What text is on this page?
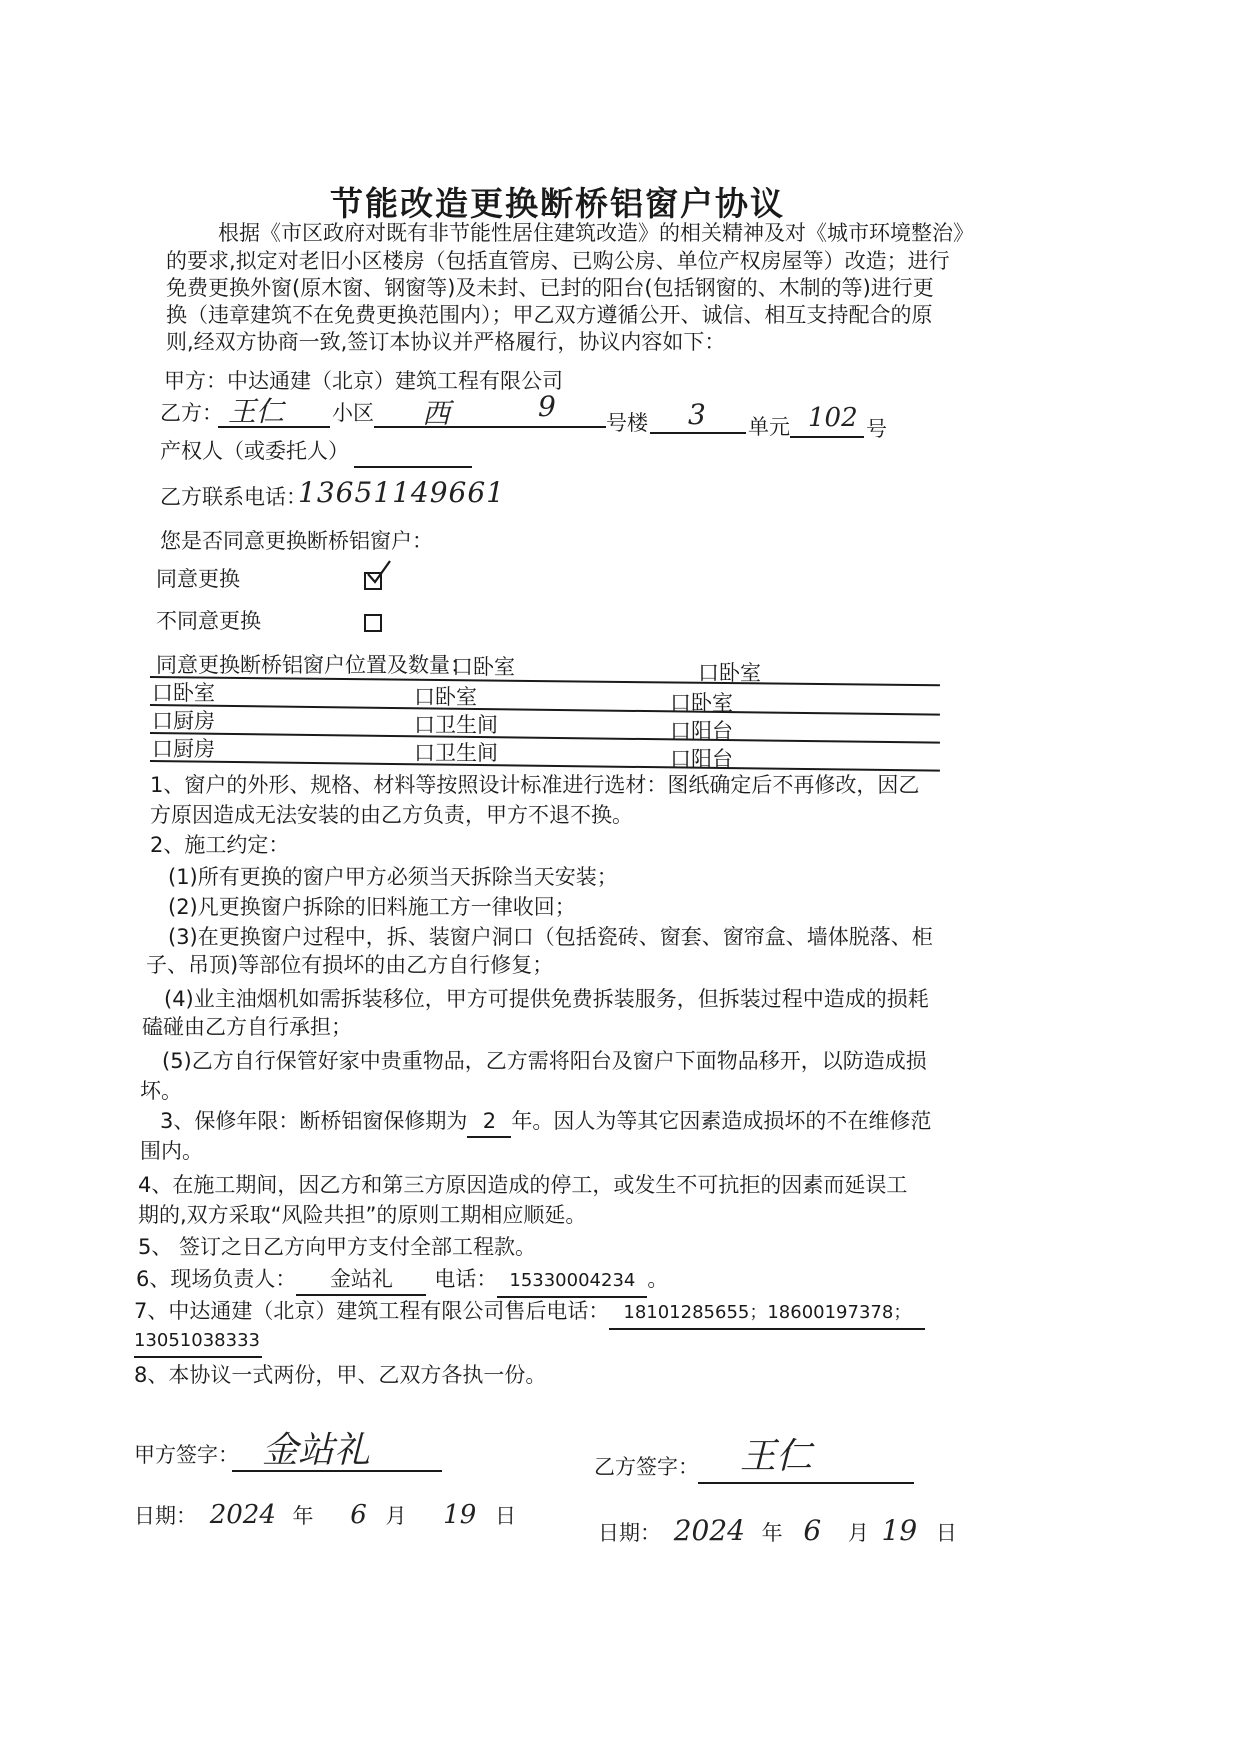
节能改造更换断桥铝窗户协议
根据《市区政府对既有非节能性居住建筑改造》的相关精神及对《城市环境整治》
的要求,拟定对老旧小区楼房（包括直管房、已购公房、单位产权房屋等）改造；进行
免费更换外窗(原木窗、钢窗等)及未封、已封的阳台(包括钢窗的、木制的等)进行更
换（违章建筑不在免费更换范围内）；甲乙双方遵循公开、诚信、相互支持配合的原
则,经双方协商一致,签订本协议并严格履行，协议内容如下：
甲方：中达通建（北京）建筑工程有限公司
乙方： 王仁 小区 西	9 号楼 3 单元 102 号
产权人（或委托人）
乙方联系电话：
13651149661
您是否同意更换断桥铝窗户：
同意更换
不同意更换
同意更换断桥铝窗户位置及数量：
口卧室	口卧室
口卧室	口卧室	口卧室
口厨房	口卫生间	口阳台
口厨房	口卫生间	口阳台
1、窗户的外形、规格、材料等按照设计标准进行选材：图纸确定后不再修改，因乙
方原因造成无法安装的由乙方负责，甲方不退不换。
2、施工约定：
(1)所有更换的窗户甲方必须当天拆除当天安装；
(2)凡更换窗户拆除的旧料施工方一律收回；
(3)在更换窗户过程中，拆、装窗户洞口（包括瓷砖、窗套、窗帘盒、墙体脱落、柜
子、吊顶)等部位有损坏的由乙方自行修复；
(4)业主油烟机如需拆装移位，甲方可提供免费拆装服务，但拆装过程中造成的损耗
磕碰由乙方自行承担；
(5)乙方自行保管好家中贵重物品，乙方需将阳台及窗户下面物品移开，以防造成损
坏。
3、保修年限：断桥铝窗保修期为 2 年。因人为等其它因素造成损坏的不在维修范
围内。
4、在施工期间，因乙方和第三方原因造成的停工，或发生不可抗拒的因素而延误工
期的,双方采取“风险共担”的原则工期相应顺延。
5、 签订之日乙方向甲方支付全部工程款。
6、现场负责人： 金站礼 电话： 15330004234 。
7、中达通建（北京）建筑工程有限公司售后电话： 18101285655；18600197378；
13051038333
8、本协议一式两份，甲、乙双方各执一份。
甲方签字： 金站礼	乙方签字： 王仁
日期： 2024 年 6 月 19 日
日期： 2024 年 6 月 19 日
